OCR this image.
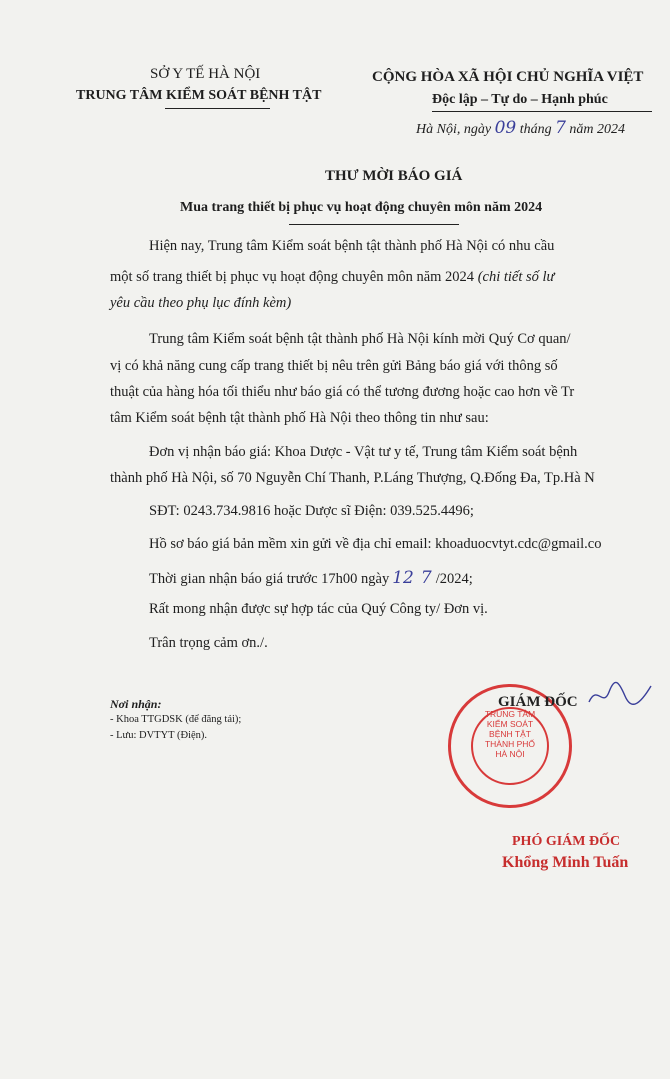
SỞ Y TẾ HÀ NỘI
TRUNG TÂM KIỂM SOÁT BỆNH TẬT
CỘNG HÒA XÃ HỘI CHỦ NGHĨA VIỆT
Độc lập – Tự do – Hạnh phúc
Hà Nội, ngày 09 tháng 7 năm 2024
THƯ MỜI BÁO GIÁ
Mua trang thiết bị phục vụ hoạt động chuyên môn năm 2024
Hiện nay, Trung tâm Kiểm soát bệnh tật thành phố Hà Nội có nhu cầu
một số trang thiết bị phục vụ hoạt động chuyên môn năm 2024 (chi tiết số lư
yêu cầu theo phụ lục đính kèm)
Trung tâm Kiểm soát bệnh tật thành phố Hà Nội kính mời Quý Cơ quan/
vị có khả năng cung cấp trang thiết bị nêu trên gửi Bảng báo giá với thông số
thuật của hàng hóa tối thiểu như báo giá có thể tương đương hoặc cao hơn về Tr
tâm Kiểm soát bệnh tật thành phố Hà Nội theo thông tin như sau:
Đơn vị nhận báo giá: Khoa Dược - Vật tư y tế, Trung tâm Kiểm soát bệnh
thành phố Hà Nội, số 70 Nguyễn Chí Thanh, P.Láng Thượng, Q.Đống Đa, Tp.Hà N
SĐT: 0243.734.9816 hoặc Dược sĩ Điện: 039.525.4496;
Hồ sơ báo giá bản mềm xin gửi về địa chỉ email: khoaduocvtyt.cdc@gmail.co
Thời gian nhận báo giá trước 17h00 ngày 12 7 /2024;
Rất mong nhận được sự hợp tác của Quý Công ty/ Đơn vị.
Trân trọng cảm ơn./.
Nơi nhận:
- Khoa TTGDSK (để đăng tải);
- Lưu: DVTYT (Điện).
TRUNG TÂM
KIỂM SOÁT
BỆNH TẬT
THÀNH PHỐ
HÀ NỘI
GIÁM ĐỐC
PHÓ GIÁM ĐỐC
Khổng Minh Tuấn
